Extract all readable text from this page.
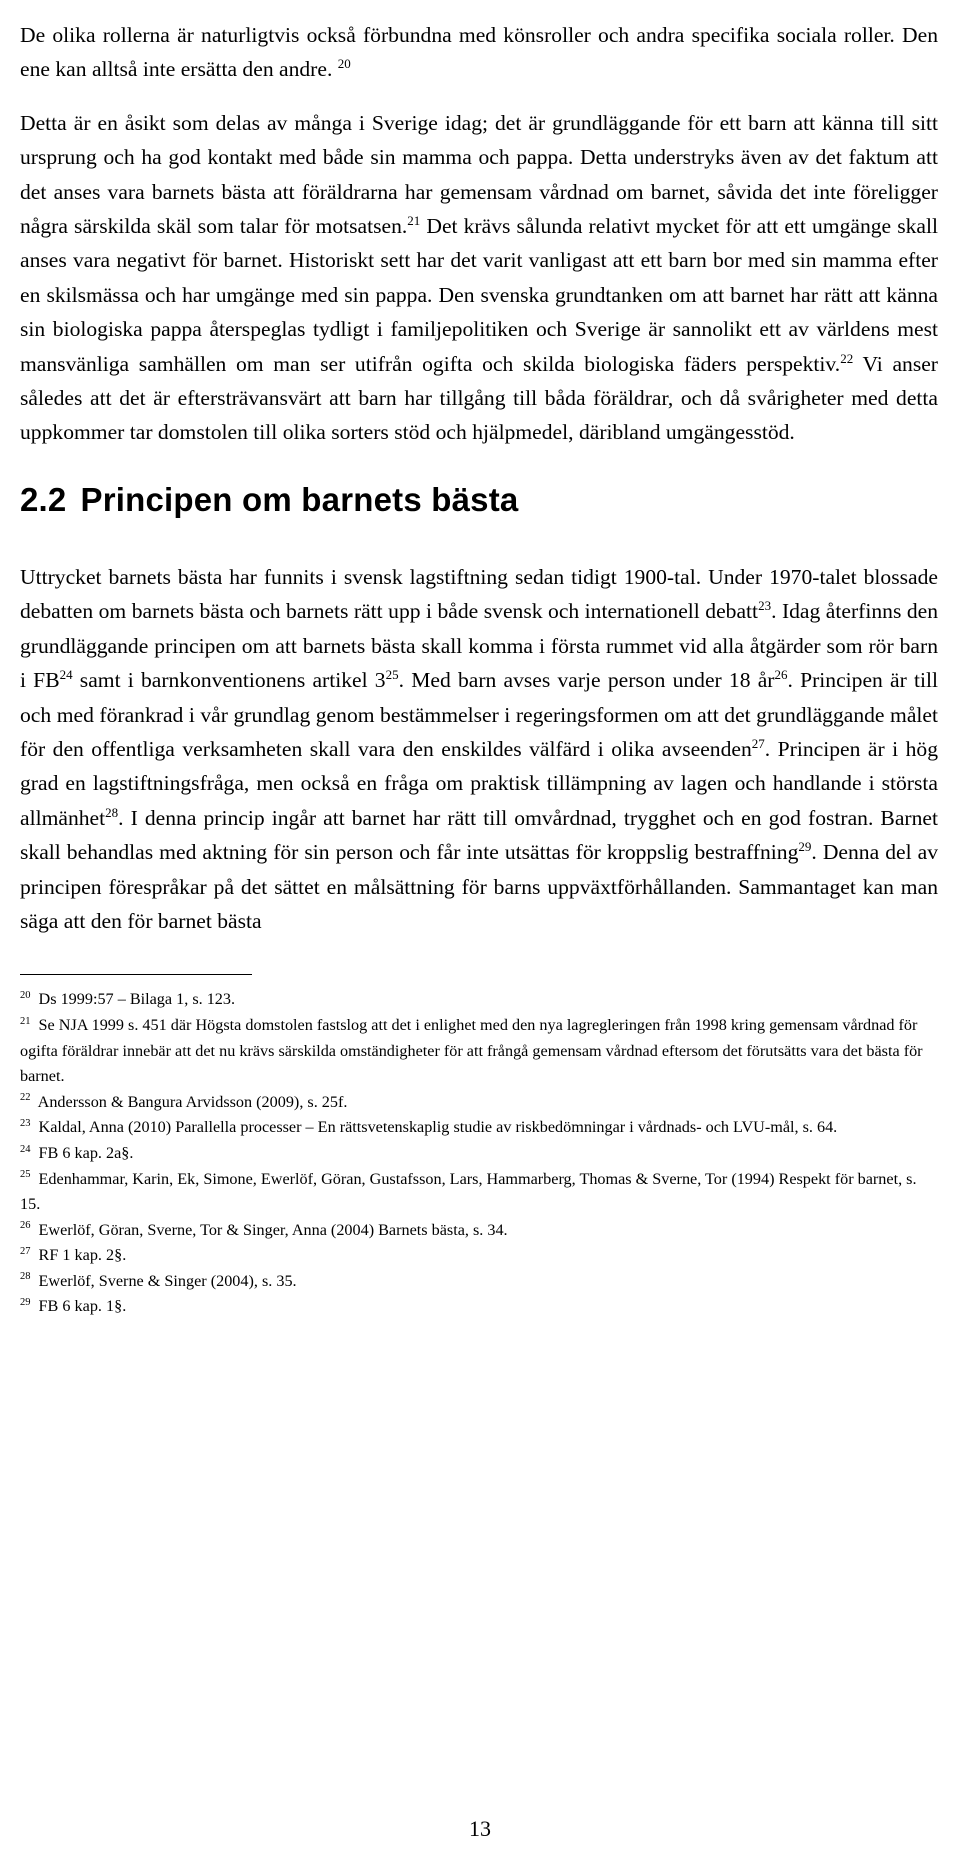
De olika rollerna är naturligtvis också förbundna med könsroller och andra specifika sociala roller. Den ene kan alltså inte ersätta den andre. $^{20}$

Detta är en åsikt som delas av många i Sverige idag; det är grundläggande för ett barn att känna till sitt ursprung och ha god kontakt med både sin mamma och pappa. Detta understryks även av det faktum att det anses vara barnets bästa att föräldrarna har gemensam vårdnad om barnet, såvida det inte föreligger några särskilda skäl som talar för motsatsen.$^{21}$ Det krävs sålunda relativt mycket för att ett umgänge skall anses vara negativt för barnet. Historiskt sett har det varit vanligast att ett barn bor med sin mamma efter en skilsmässa och har umgänge med sin pappa. Den svenska grundtanken om att barnet har rätt att känna sin biologiska pappa återspeglas tydligt i familjepolitiken och Sverige är sannolikt ett av världens mest mansvänliga samhällen om man ser utifrån ogifta och skilda biologiska fäders perspektiv.$^{22}$ Vi anser således att det är eftersträvansvärt att barn har tillgång till båda föräldrar, och då svårigheter med detta uppkommer tar domstolen till olika sorters stöd och hjälpmedel, däribland umgängesstöd.

2.2 Principen om barnets bästa

Uttrycket barnets bästa har funnits i svensk lagstiftning sedan tidigt 1900-tal. Under 1970-talet blossade debatten om barnets bästa och barnets rätt upp i både svensk och internationell debatt$^{23}$. Idag återfinns den grundläggande principen om att barnets bästa skall komma i första rummet vid alla åtgärder som rör barn i FB$^{24}$ samt i barnkonventionens artikel $3^{25}$. Med barn avses varje person under 18 $år^{26}$. Principen är till och med förankrad i vår grundlag genom bestämmelser i regeringsformen om att det grundläggande målet för den offentliga verksamheten skall vara den enskildes välfärd i olika avseenden$^{27}$. Principen är i hög grad en lagstiftningsfråga, men också en fråga om praktisk tillämpning av lagen och handlande i största allmänhet$^{28}$. I denna princip ingår att barnet har rätt till omvårdnad, trygghet och en god fostran. Barnet skall behandlas med aktning för sin person och får inte utsättas för kroppslig bestraffning$^{29}$. Denna del av principen förespråkar på det sättet en målsättning för barns uppväxtförhållanden. Sammantaget kan man säga att den för barnet bästa

$^{20}$ Ds 1999:57 – Bilaga 1, s. 123.

$^{21}$ Se NJA 1999 s. 451 där Högsta domstolen fastslog att det i enlighet med den nya lagregleringen från 1998 kring gemensam vårdnad för ogifta föräldrar innebär att det nu krävs särskilda omständigheter för att frångå gemensam vårdnad eftersom det förutsätts vara det bästa för barnet.

$^{22}$ Andersson & Bangura Arvidsson (2009), s. 25f.

$^{23}$ Kaldal, Anna (2010) Parallella processer – En rättsvetenskaplig studie av riskbedömningar i vårdnads- och LVU-mål, s. 64.

$^{24}$ FB 6 kap. 2a§.

$^{25}$ Edenhammar, Karin, Ek, Simone, Ewerlöf, Göran, Gustafsson, Lars, Hammarberg, Thomas & Sverne, Tor (1994) Respekt för barnet, s. 15.

$^{26}$ Ewerlöf, Göran, Sverne, Tor & Singer, Anna (2004) Barnets bästa, s. 34.

$^{27}$ RF 1 kap. 2§.

$^{28}$ Ewerlöf, Sverne & Singer (2004), s. 35.

$^{29}$ FB 6 kap. 1§.

13
